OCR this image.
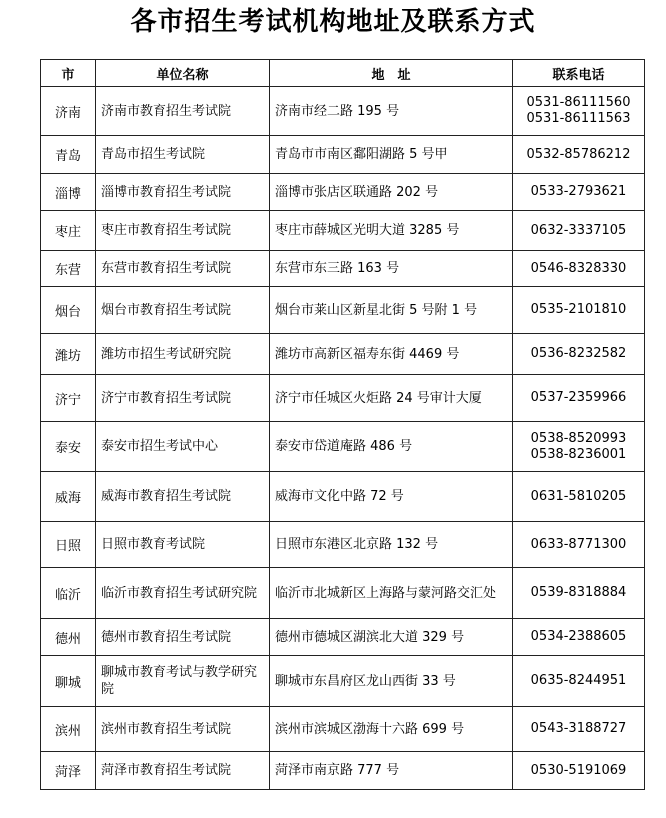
各市招生考试机构地址及联系方式
市	单位名称	地　址	联系电话
济南	济南市教育招生考试院	济南市经二路 195 号	0531-86111560
0531-86111563

青岛	青岛市招生考试院	青岛市市南区鄱阳湖路 5 号甲	0532-85786212

淄博	淄博市教育招生考试院	淄博市张店区联通路 202 号	0533-2793621

枣庄	枣庄市教育招生考试院	枣庄市薛城区光明大道 3285 号	0632-3337105

东营	东营市教育招生考试院	东营市东三路 163 号	0546-8328330

烟台	烟台市教育招生考试院	烟台市莱山区新星北街 5 号附 1 号	0535-2101810

潍坊	潍坊市招生考试研究院	潍坊市高新区福寿东街 4469 号	0536-8232582

济宁	济宁市教育招生考试院	济宁市任城区火炬路 24 号审计大厦	0537-2359966

泰安	泰安市招生考试中心	泰安市岱道庵路 486 号	0538-8520993
0538-8236001

威海	威海市教育招生考试院	威海市文化中路 72 号	0631-5810205

日照	日照市教育考试院	日照市东港区北京路 132 号	0633-8771300

临沂	临沂市教育招生考试研究院	临沂市北城新区上海路与蒙河路交汇处	0539-8318884

德州	德州市教育招生考试院	德州市德城区湖滨北大道 329 号	0534-2388605

聊城	聊城市教育考试与教学研究院	聊城市东昌府区龙山西街 33 号	0635-8244951

滨州	滨州市教育招生考试院	滨州市滨城区渤海十六路 699 号	0543-3188727

菏泽	菏泽市教育招生考试院	菏泽市南京路 777 号	0530-5191069
